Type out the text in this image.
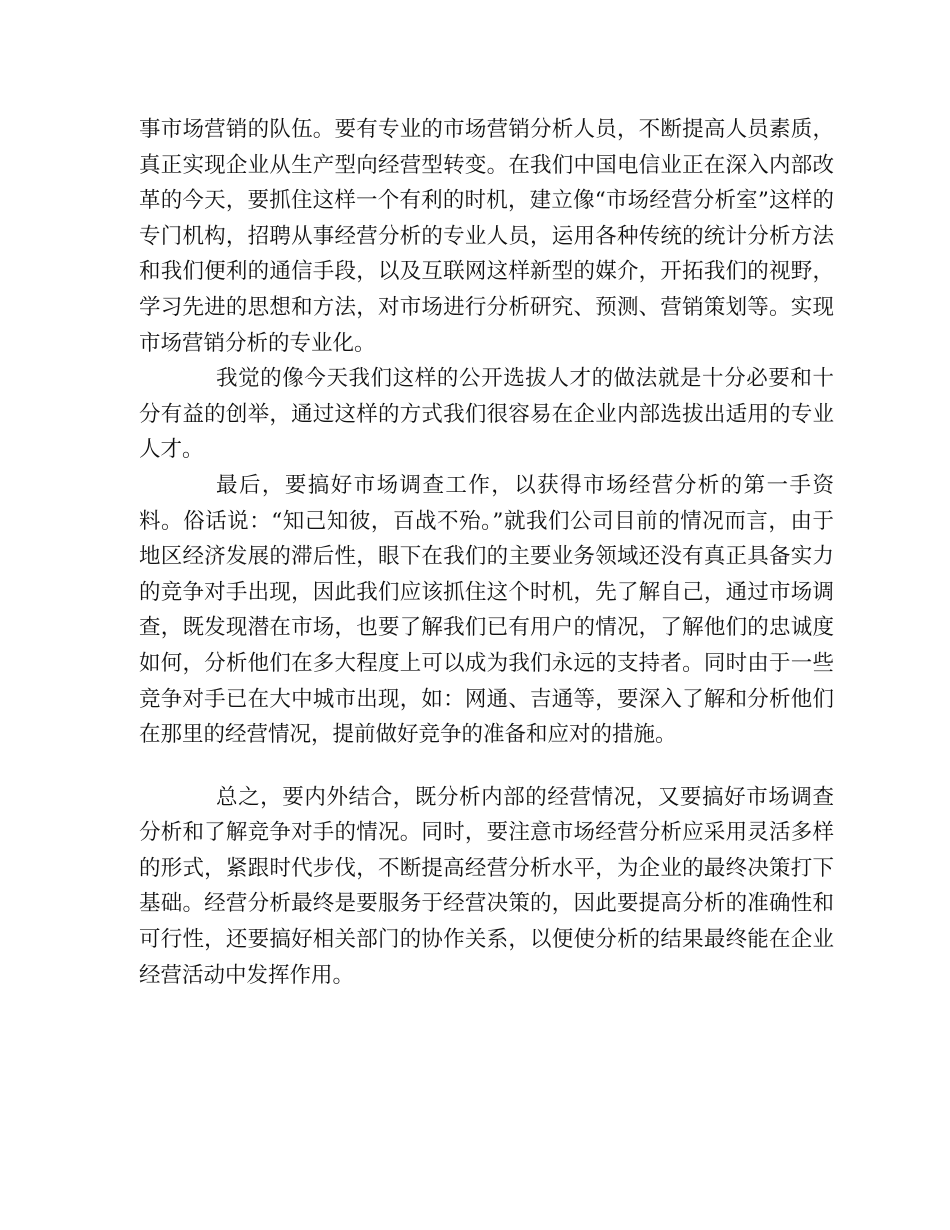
事市场营销的队伍。要有专业的市场营销分析人员，不断提高人员素质，真正实现企业从生产型向经营型转变。在我们中国电信业正在深入内部改革的今天，要抓住这样一个有利的时机，建立像“市场经营分析室”这样的专门机构，招聘从事经营分析的专业人员，运用各种传统的统计分析方法和我们便利的通信手段，以及互联网这样新型的媒介，开拓我们的视野，学习先进的思想和方法，对市场进行分析研究、预测、营销策划等。实现市场营销分析的专业化。

我觉的像今天我们这样的公开选拔人才的做法就是十分必要和十分有益的创举，通过这样的方式我们很容易在企业内部选拔出适用的专业人才。

最后，要搞好市场调查工作，以获得市场经营分析的第一手资料。俗话说：“知己知彼，百战不殆。”就我们公司目前的情况而言，由于地区经济发展的滞后性，眼下在我们的主要业务领域还没有真正具备实力的竞争对手出现，因此我们应该抓住这个时机，先了解自己，通过市场调查，既发现潜在市场，也要了解我们已有用户的情况，了解他们的忠诚度如何，分析他们在多大程度上可以成为我们永远的支持者。同时由于一些竞争对手已在大中城市出现，如：网通、吉通等，要深入了解和分析他们在那里的经营情况，提前做好竞争的准备和应对的措施。

总之，要内外结合，既分析内部的经营情况，又要搞好市场调查分析和了解竞争对手的情况。同时，要注意市场经营分析应采用灵活多样的形式，紧跟时代步伐，不断提高经营分析水平，为企业的最终决策打下基础。经营分析最终是要服务于经营决策的，因此要提高分析的准确性和可行性，还要搞好相关部门的协作关系，以便使分析的结果最终能在企业经营活动中发挥作用。
